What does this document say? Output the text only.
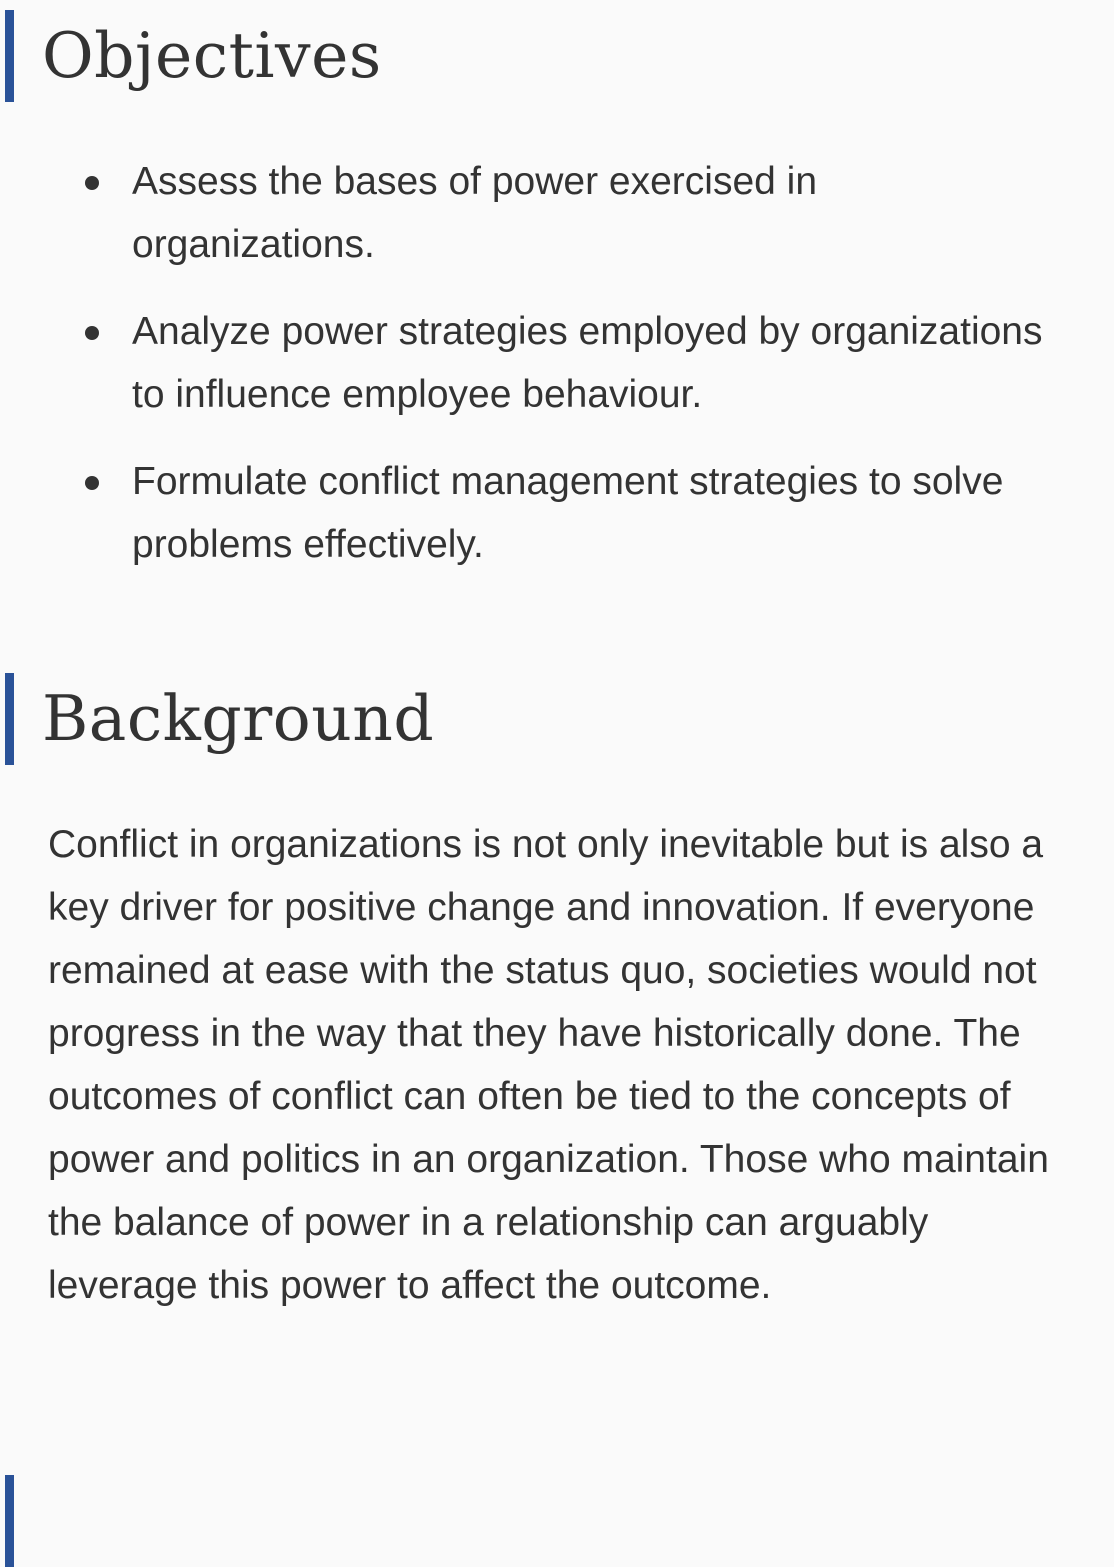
Objectives
Assess the bases of power exercised in organizations.
Analyze power strategies employed by organizations to influence employee behaviour.
Formulate conflict management strategies to solve problems effectively.
Background

Conflict in organizations is not only inevitable but is also a key driver for positive change and innovation. If everyone remained at ease with the status quo, societies would not progress in the way that they have historically done. The outcomes of conflict can often be tied to the concepts of power and politics in an organization. Those who maintain the balance of power in a relationship can arguably leverage this power to affect the outcome.
